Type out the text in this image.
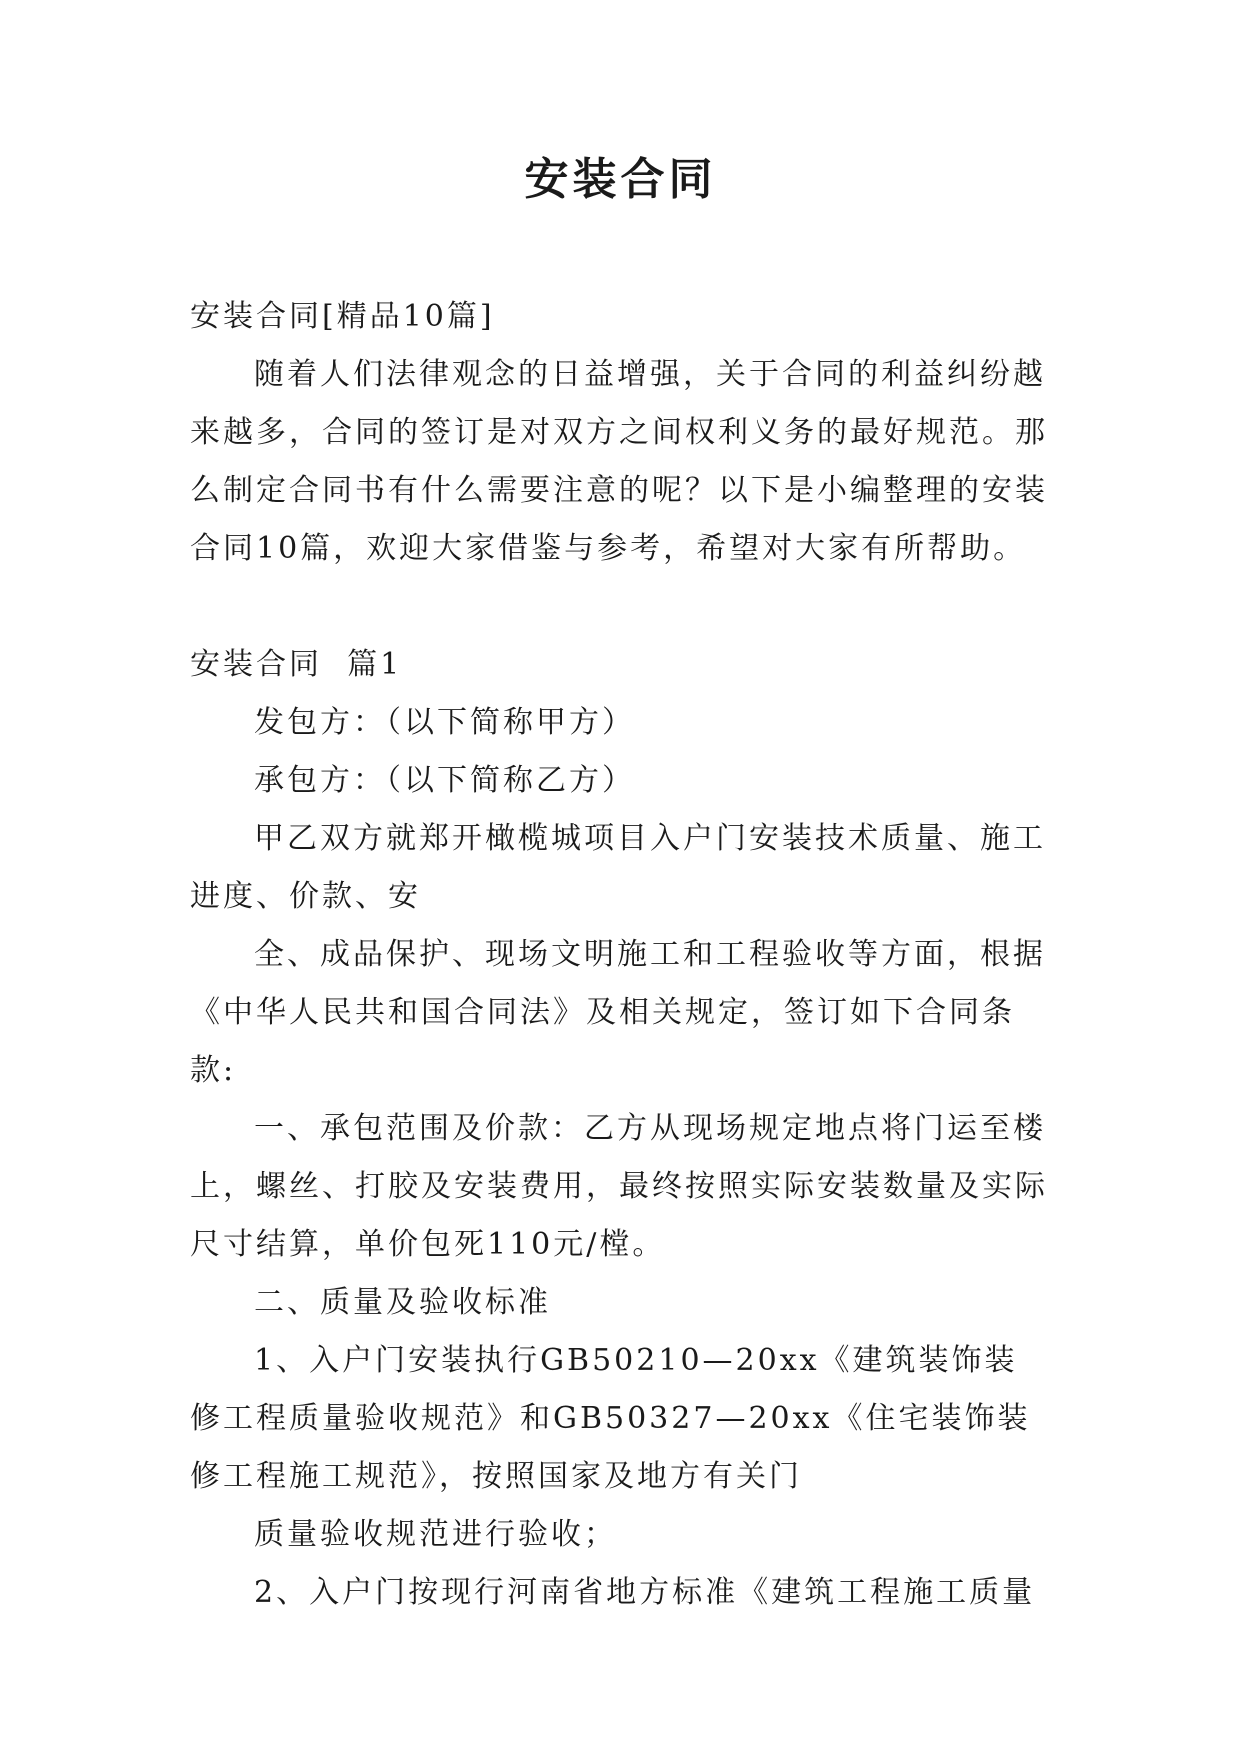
安装合同

安装合同[精品10篇]

随着人们法律观念的日益增强，关于合同的利益纠纷越来越多，合同的签订是对双方之间权利义务的最好规范。那么制定合同书有什么需要注意的呢？以下是小编整理的安装合同10篇，欢迎大家借鉴与参考，希望对大家有所帮助。

安装合同  篇1

发包方：（以下简称甲方）

承包方：（以下简称乙方）

甲乙双方就郑开橄榄城项目入户门安装技术质量、施工进度、价款、安

全、成品保护、现场文明施工和工程验收等方面，根据《中华人民共和国合同法》及相关规定，签订如下合同条款:

一、承包范围及价款：乙方从现场规定地点将门运至楼上，螺丝、打胶及安装费用，最终按照实际安装数量及实际尺寸结算，单价包死110元/樘。

二、质量及验收标准

1、入户门安装执行GB50210—20xx《建筑装饰装修工程质量验收规范》和GB50327—20xx《住宅装饰装修工程施工规范》，按照国家及地方有关门

质量验收规范进行验收；

2、入户门按现行河南省地方标准《建筑工程施工质量
